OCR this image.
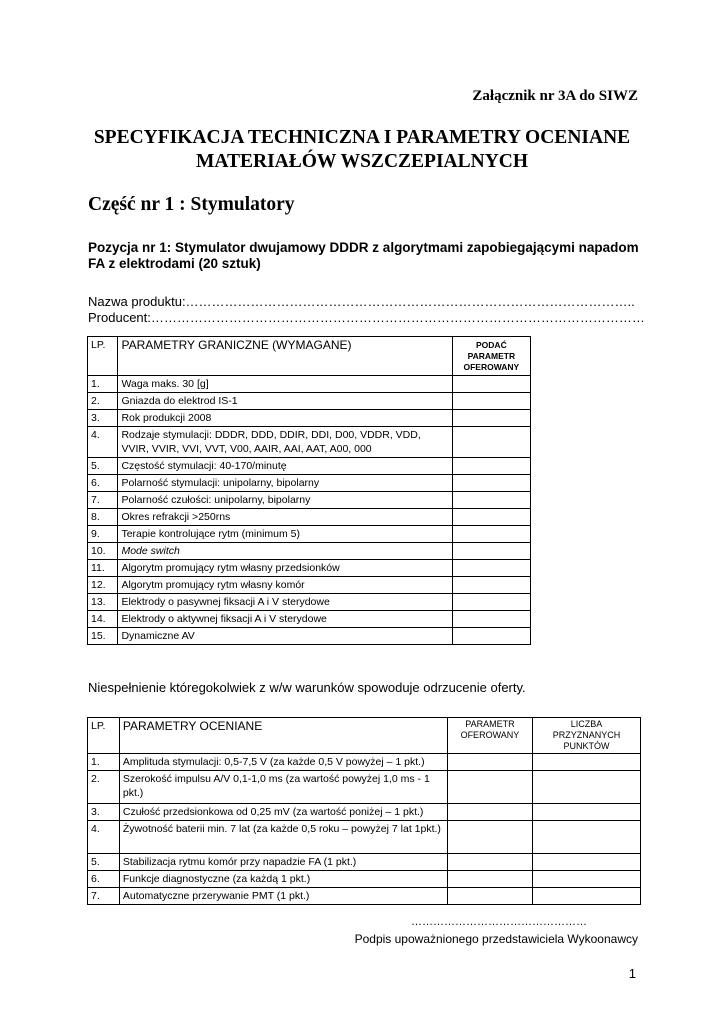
Załącznik nr 3A do SIWZ
SPECYFIKACJA TECHNICZNA I PARAMETRY OCENIANE
MATERIAŁÓW WSZCZEPIALNYCH
Część nr 1 : Stymulatory
Pozycja nr 1: Stymulator dwujamowy DDDR z algorytmami zapobiegającymi napadom FA z elektrodami (20 sztuk)
Nazwa produktu:…………………………………………………………………………………………..
Producent:……………………………………………………………………………………………………
LP.	PARAMETRY GRANICZNE (WYMAGANE)	PODAĆ PARAMETR OFEROWANY
1.	Waga maks. 30 [g]	
2.	Gniazda do elektrod IS-1	
3.	Rok produkcji 2008	
4.	Rodzaje stymulacji: DDDR, DDD, DDIR, DDI, D00, VDDR, VDD, VVIR, VVIR, VVI, VVT, V00, AAIR, AAI, AAT, A00, 000	
5.	Częstość stymulacji: 40-170/minutę	
6.	Polarność stymulacji: unipolarny, bipolarny	
7.	Polarność czułości: unipolarny, bipolarny	
8.	Okres refrakcji >250rns	
9.	Terapie kontrolujące rytm (minimum 5)	
10.	Mode switch	
11.	Algorytm promujący rytm własny przedsionków	
12.	Algorytm promujący rytm własny komór	
13.	Elektrody o pasywnej fiksacji A i V sterydowe	
14.	Elektrody o aktywnej fiksacji A i V sterydowe	
15.	Dynamiczne AV	
Niespełnienie któregokolwiek z w/w warunków spowoduje odrzucenie oferty.
LP.	PARAMETRY OCENIANE	PARAMETR OFEROWANY	LICZBA PRZYZNANYCH PUNKTÓW
1.	Amplituda stymulacji: 0,5-7,5 V (za każde 0,5 V powyżej – 1 pkt.)		
2.	Szerokość impulsu A/V 0,1-1,0 ms (za wartość powyżej 1,0 ms - 1 pkt.)		
3.	Czułość przedsionkowa od 0,25 mV (za wartość poniżej – 1 pkt.)		
4.	Żywotność baterii min. 7 lat (za każde 0,5 roku – powyżej 7 lat 1pkt.)		
5.	Stabilizacja rytmu komór przy napadzie FA (1 pkt.)		
6.	Funkcje diagnostyczne (za każdą 1 pkt.)		
7.	Automatyczne przerywanie PMT (1 pkt.)		
…………………………………………
Podpis upoważnionego przedstawiciela Wykoonawcy
1
